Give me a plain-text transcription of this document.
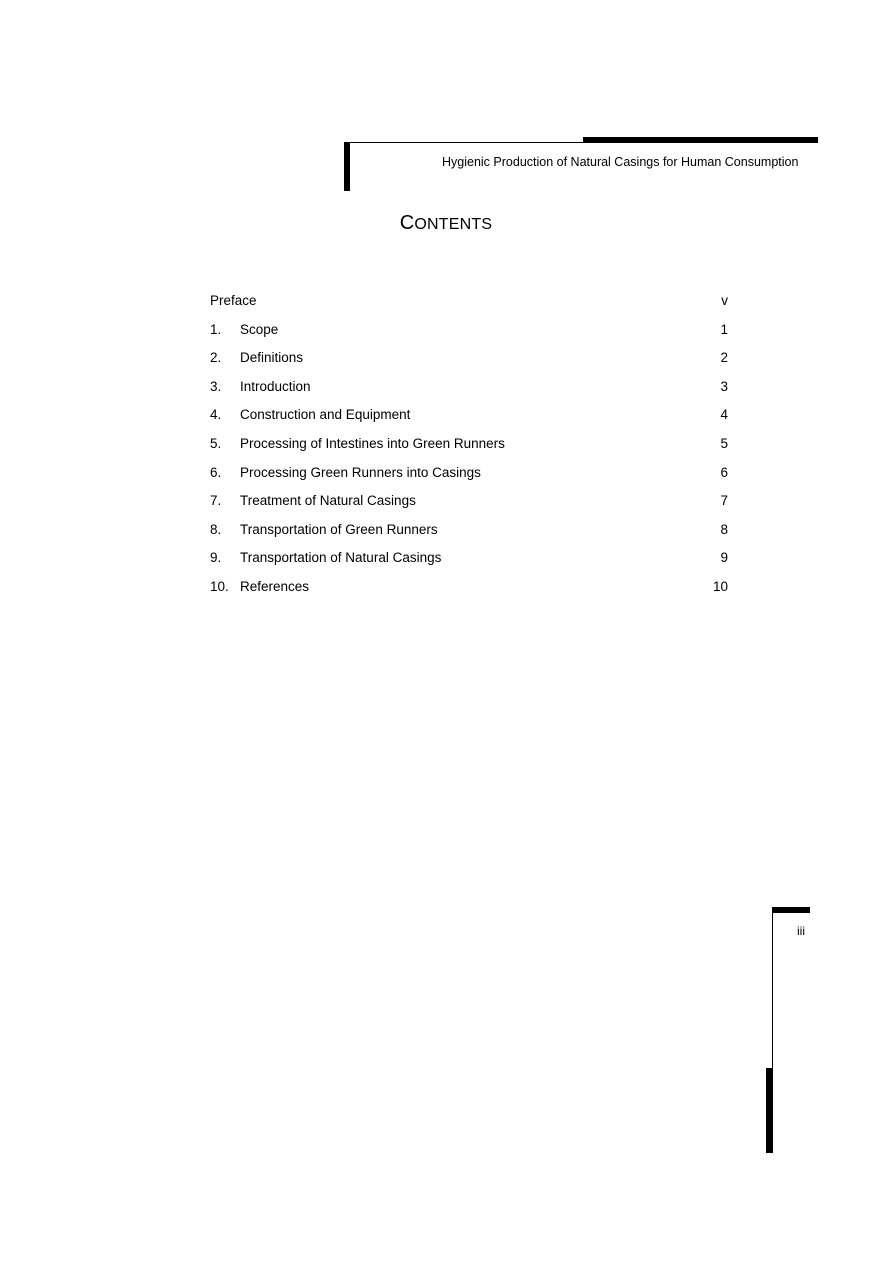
Hygienic Production of Natural Casings for Human Consumption
CONTENTS
Preface	v
1. Scope	1
2. Definitions	2
3. Introduction	3
4. Construction and Equipment	4
5. Processing of Intestines into Green Runners	5
6. Processing Green Runners into Casings	6
7. Treatment of Natural Casings	7
8. Transportation of Green Runners	8
9. Transportation of Natural Casings	9
10. References	10
iii
